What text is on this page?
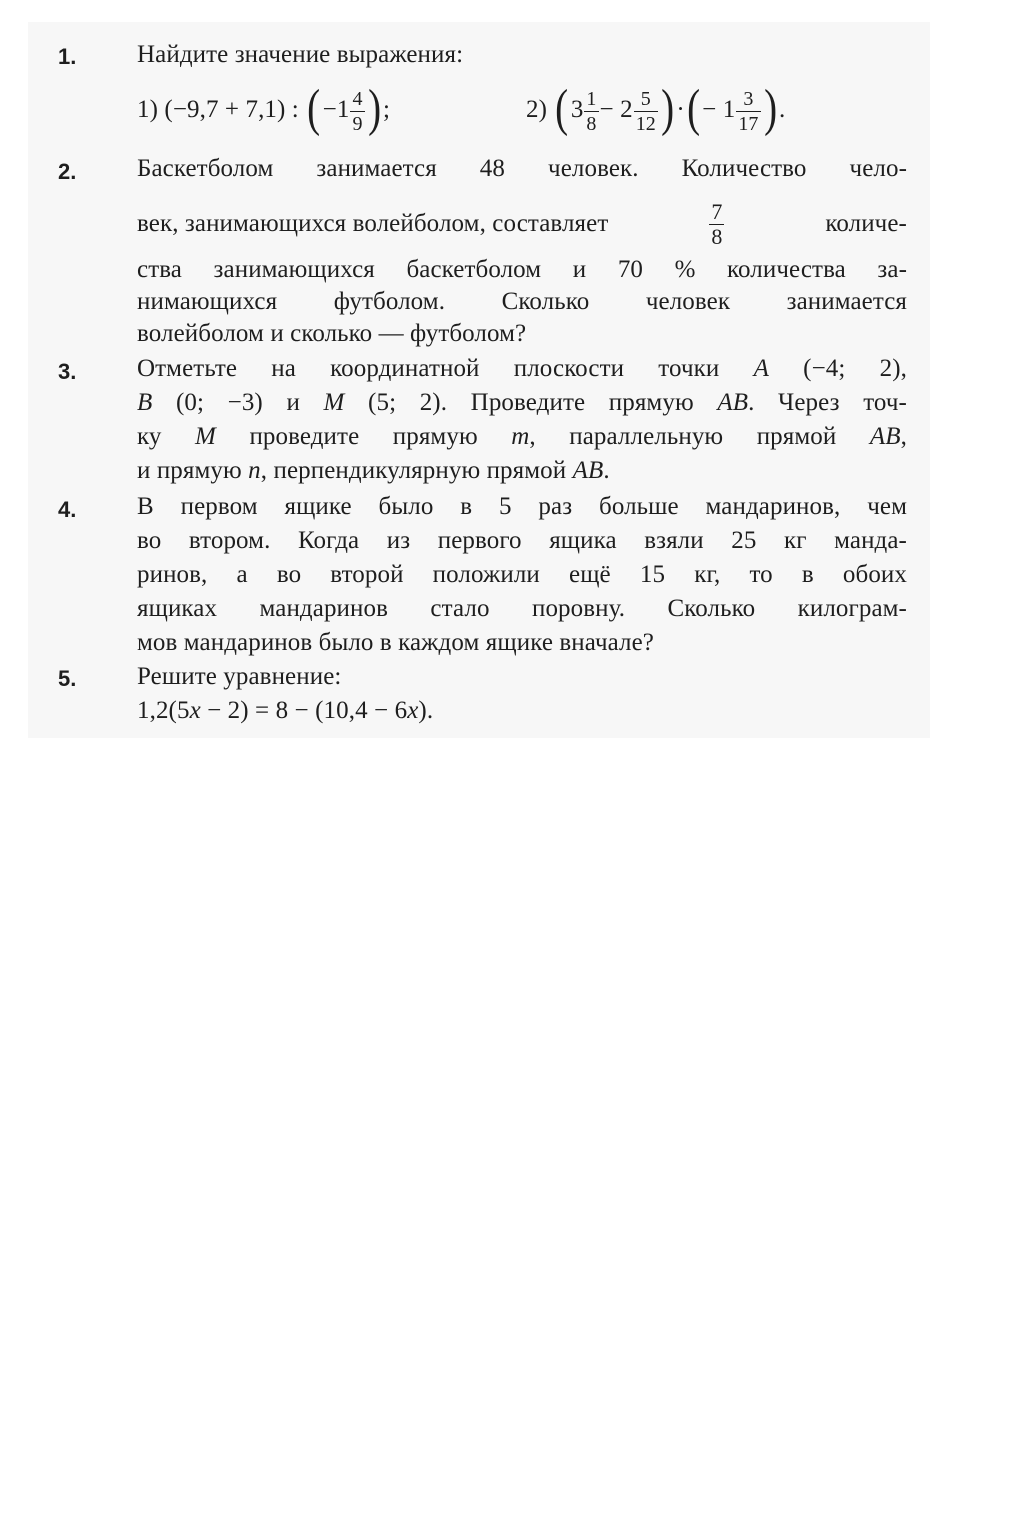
1. Найдите значение выражения:
1) (−9,7 + 7,1) : ($-1 \frac{4}{9}$ );	2) ($3 \frac{1}{8} - 2 \frac{5}{12}$ )·(− $1 \frac{3}{17}$ ).
2. Баскетболом занимается 48 человек. Количество чело-
век, занимающихся волейболом, составляет	$\frac{7}{8}$	количе-
ства занимающихся баскетболом и 70 % количества за-
нимающихся футболом. Сколько человек занимается
волейболом и сколько — футболом?
3. Отметьте на координатной плоскости точки A (−4; 2),
B (0; −3) и M (5; 2). Проведите прямую AB. Через точ-
ку M проведите прямую m, параллельную прямой AB,
и прямую n, перпендикулярную прямой AB.
4. В первом ящике было в 5 раз больше мандаринов, чем
во втором. Когда из первого ящика взяли 25 кг манда-
ринов, а во второй положили ещё 15 кг, то в обоих
ящиках мандаринов стало поровну. Сколько килограм-
мов мандаринов было в каждом ящике вначале?
5. Решите уравнение:
1,2(5x − 2) = 8 − (10,4 − 6x).
